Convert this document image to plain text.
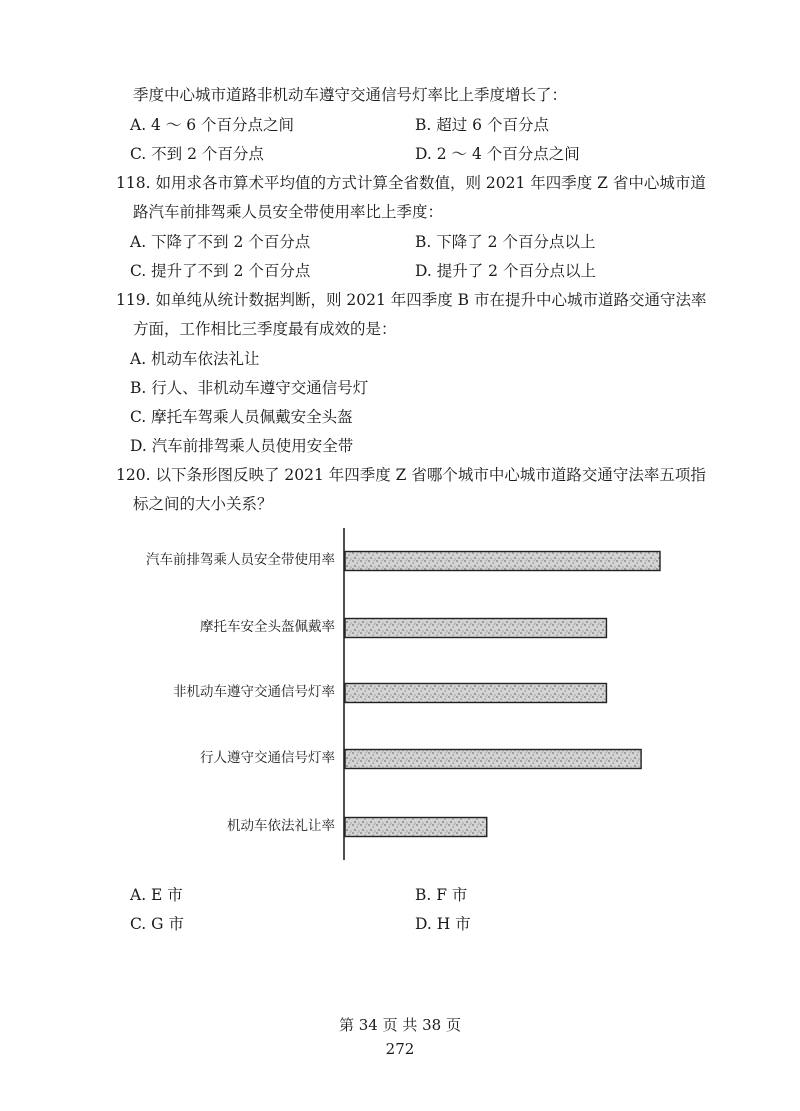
季度中心城市道路非机动车遵守交通信号灯率比上季度增长了：
A. 4 ～ 6 个百分点之间	B. 超过 6 个百分点
C. 不到 2 个百分点	D. 2 ～ 4 个百分点之间
118. 如用求各市算术平均值的方式计算全省数值，则 2021 年四季度 Z 省中心城市道
路汽车前排驾乘人员安全带使用率比上季度：
A. 下降了不到 2 个百分点	B. 下降了 2 个百分点以上
C. 提升了不到 2 个百分点	D. 提升了 2 个百分点以上
119. 如单纯从统计数据判断，则 2021 年四季度 B 市在提升中心城市道路交通守法率
方面，工作相比三季度最有成效的是：
A. 机动车依法礼让
B. 行人、非机动车遵守交通信号灯
C. 摩托车驾乘人员佩戴安全头盔
D. 汽车前排驾乘人员使用安全带
120. 以下条形图反映了 2021 年四季度 Z 省哪个城市中心城市道路交通守法率五项指
标之间的大小关系？
汽车前排驾乘人员安全带使用率
摩托车安全头盔佩戴率
非机动车遵守交通信号灯率
行人遵守交通信号灯率
机动车依法礼让率
A. E 市	B. F 市
C. G 市	D. H 市
第 34 页 共 38 页
272
